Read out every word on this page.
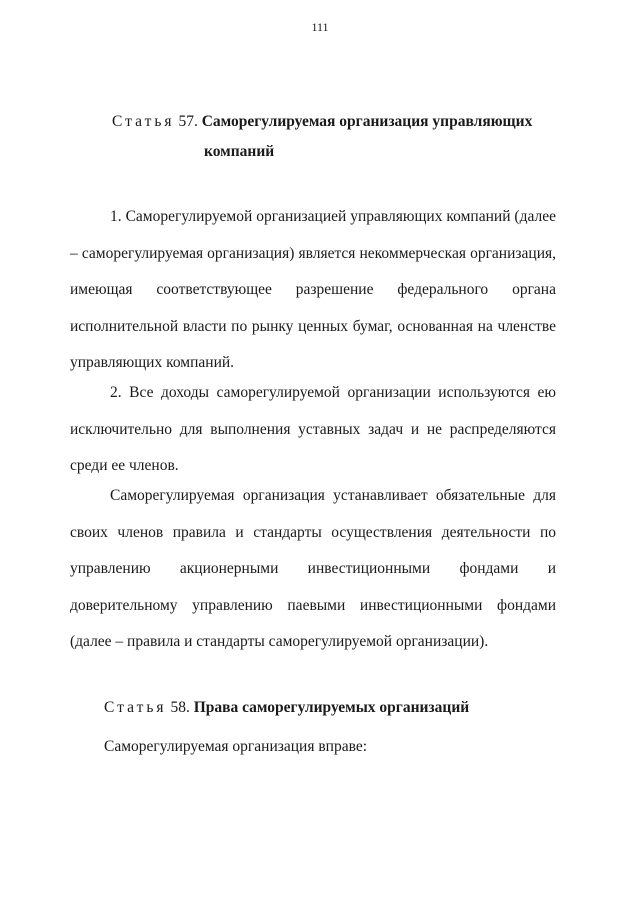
111
Статья 57. Саморегулируемая организация управляющих
компаний

1. Саморегулируемой организацией управляющих компаний (далее – саморегулируемая организация) является некоммерческая организация, имеющая соответствующее разрешение федерального органа исполнительной власти по рынку ценных бумаг, основанная на членстве управляющих компаний.

2. Все доходы саморегулируемой организации используются ею исключительно для выполнения уставных задач и не распределяются среди ее членов.

Саморегулируемая организация устанавливает обязательные для своих членов правила и стандарты осуществления деятельности по управлению акционерными инвестиционными фондами и доверительному управлению паевыми инвестиционными фондами (далее – правила и стандарты саморегулируемой организации).

Статья 58. Права саморегулируемых организаций

Саморегулируемая организация вправе:
